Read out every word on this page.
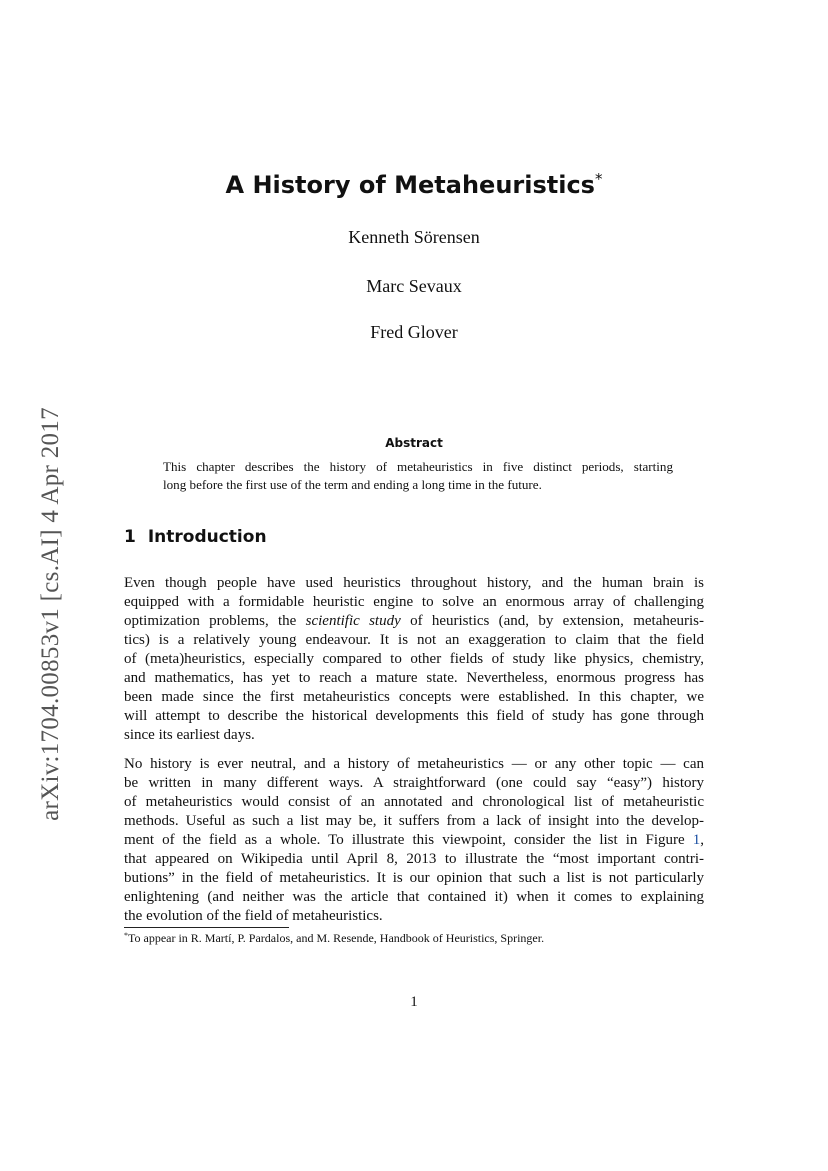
arXiv:1704.00853v1 [cs.AI] 4 Apr 2017
A History of Metaheuristics*
Kenneth Sörensen
Marc Sevaux
Fred Glover
Abstract
This chapter describes the history of metaheuristics in five distinct periods, starting
long before the first use of the term and ending a long time in the future.
1 Introduction
Even though people have used heuristics throughout history, and the human brain is
equipped with a formidable heuristic engine to solve an enormous array of challenging
optimization problems, the scientific study of heuristics (and, by extension, metaheuris-
tics) is a relatively young endeavour. It is not an exaggeration to claim that the field
of (meta)heuristics, especially compared to other fields of study like physics, chemistry,
and mathematics, has yet to reach a mature state. Nevertheless, enormous progress has
been made since the first metaheuristics concepts were established. In this chapter, we
will attempt to describe the historical developments this field of study has gone through
since its earliest days.
No history is ever neutral, and a history of metaheuristics — or any other topic — can
be written in many different ways. A straightforward (one could say “easy”) history
of metaheuristics would consist of an annotated and chronological list of metaheuristic
methods. Useful as such a list may be, it suffers from a lack of insight into the develop-
ment of the field as a whole. To illustrate this viewpoint, consider the list in Figure 1,
that appeared on Wikipedia until April 8, 2013 to illustrate the “most important contri-
butions” in the field of metaheuristics. It is our opinion that such a list is not particularly
enlightening (and neither was the article that contained it) when it comes to explaining
the evolution of the field of metaheuristics.
*To appear in R. Martí, P. Pardalos, and M. Resende, Handbook of Heuristics, Springer.
1
